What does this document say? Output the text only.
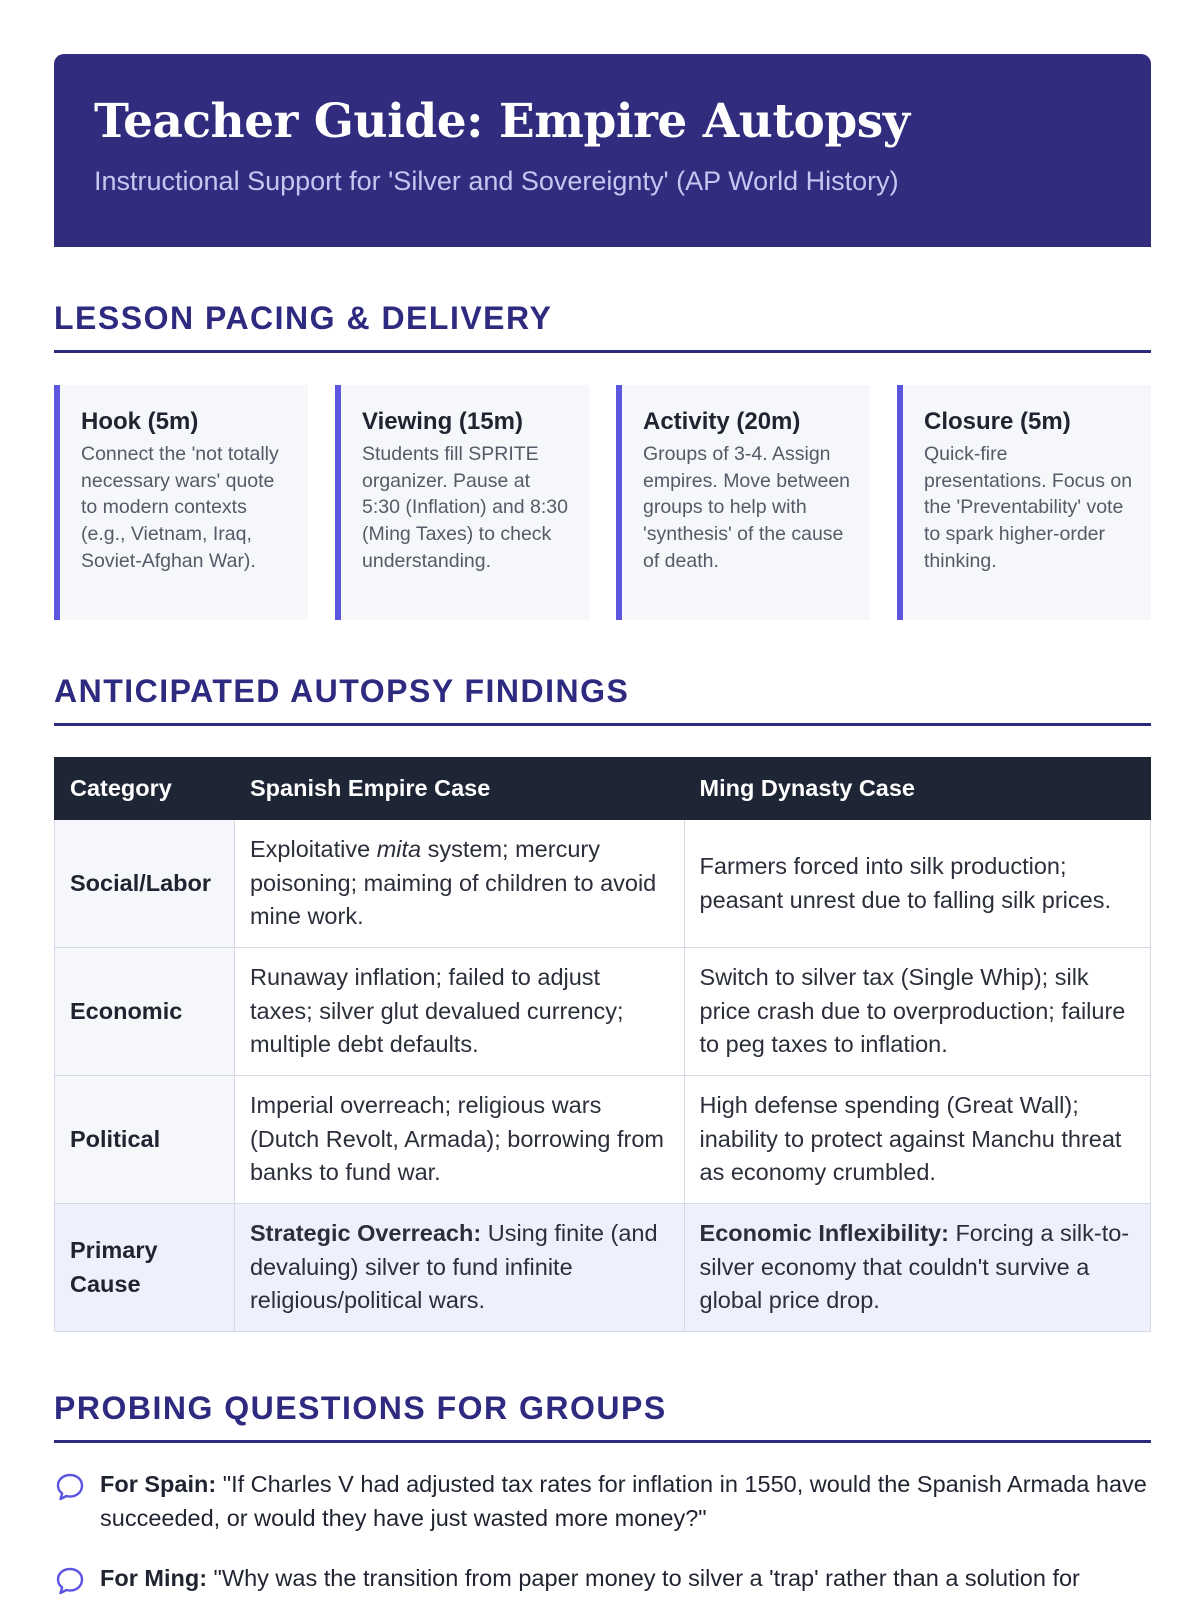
Teacher Guide: Empire Autopsy
Instructional Support for 'Silver and Sovereignty' (AP World History)
LESSON PACING & DELIVERY
Hook (5m)
Connect the 'not totally necessary wars' quote to modern contexts (e.g., Vietnam, Iraq, Soviet-Afghan War).
Viewing (15m)
Students fill SPRITE organizer. Pause at 5:30 (Inflation) and 8:30 (Ming Taxes) to check understanding.
Activity (20m)
Groups of 3-4. Assign empires. Move between groups to help with 'synthesis' of the cause of death.
Closure (5m)
Quick-fire presentations. Focus on the 'Preventability' vote to spark higher-order thinking.
ANTICIPATED AUTOPSY FINDINGS
Category	Spanish Empire Case	Ming Dynasty Case
Social/Labor	Exploitative mita system; mercury poisoning; maiming of children to avoid mine work.	Farmers forced into silk production; peasant unrest due to falling silk prices.
Economic	Runaway inflation; failed to adjust taxes; silver glut devalued currency; multiple debt defaults.	Switch to silver tax (Single Whip); silk price crash due to overproduction; failure to peg taxes to inflation.
Political	Imperial overreach; religious wars (Dutch Revolt, Armada); borrowing from banks to fund war.	High defense spending (Great Wall); inability to protect against Manchu threat as economy crumbled.
Primary Cause	Strategic Overreach: Using finite (and devaluing) silver to fund infinite religious/political wars.	Economic Inflexibility: Forcing a silk-to-silver economy that couldn't survive a global price drop.
PROBING QUESTIONS FOR GROUPS
For Spain: "If Charles V had adjusted tax rates for inflation in 1550, would the Spanish Armada have succeeded, or would they have just wasted more money?"
For Ming: "Why was the transition from paper money to silver a 'trap' rather than a solution for
